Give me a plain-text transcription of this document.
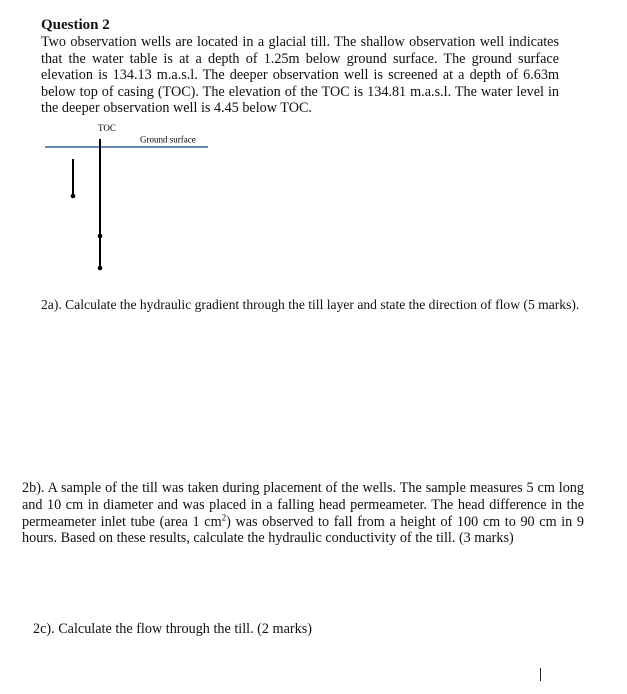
Question 2

Two observation wells are located in a glacial till. The shallow observation well indicates that the water table is at a depth of 1.25m below ground surface. The ground surface elevation is 134.13 m.a.s.l. The deeper observation well is screened at a depth of 6.63m below top of casing (TOC). The elevation of the TOC is 134.81 m.a.s.l. The water level in the deeper observation well is 4.45 below TOC.

TOC
Ground surface

2a). Calculate the hydraulic gradient through the till layer and state the direction of flow (5 marks).

2b). A sample of the till was taken during placement of the wells. The sample measures 5 cm long and 10 cm in diameter and was placed in a falling head permeameter. The head difference in the permeameter inlet tube (area 1 $cm^2$) was observed to fall from a height of 100 cm to 90 cm in 9 hours. Based on these results, calculate the hydraulic conductivity of the till. (3 marks)

2c). Calculate the flow through the till. (2 marks)
